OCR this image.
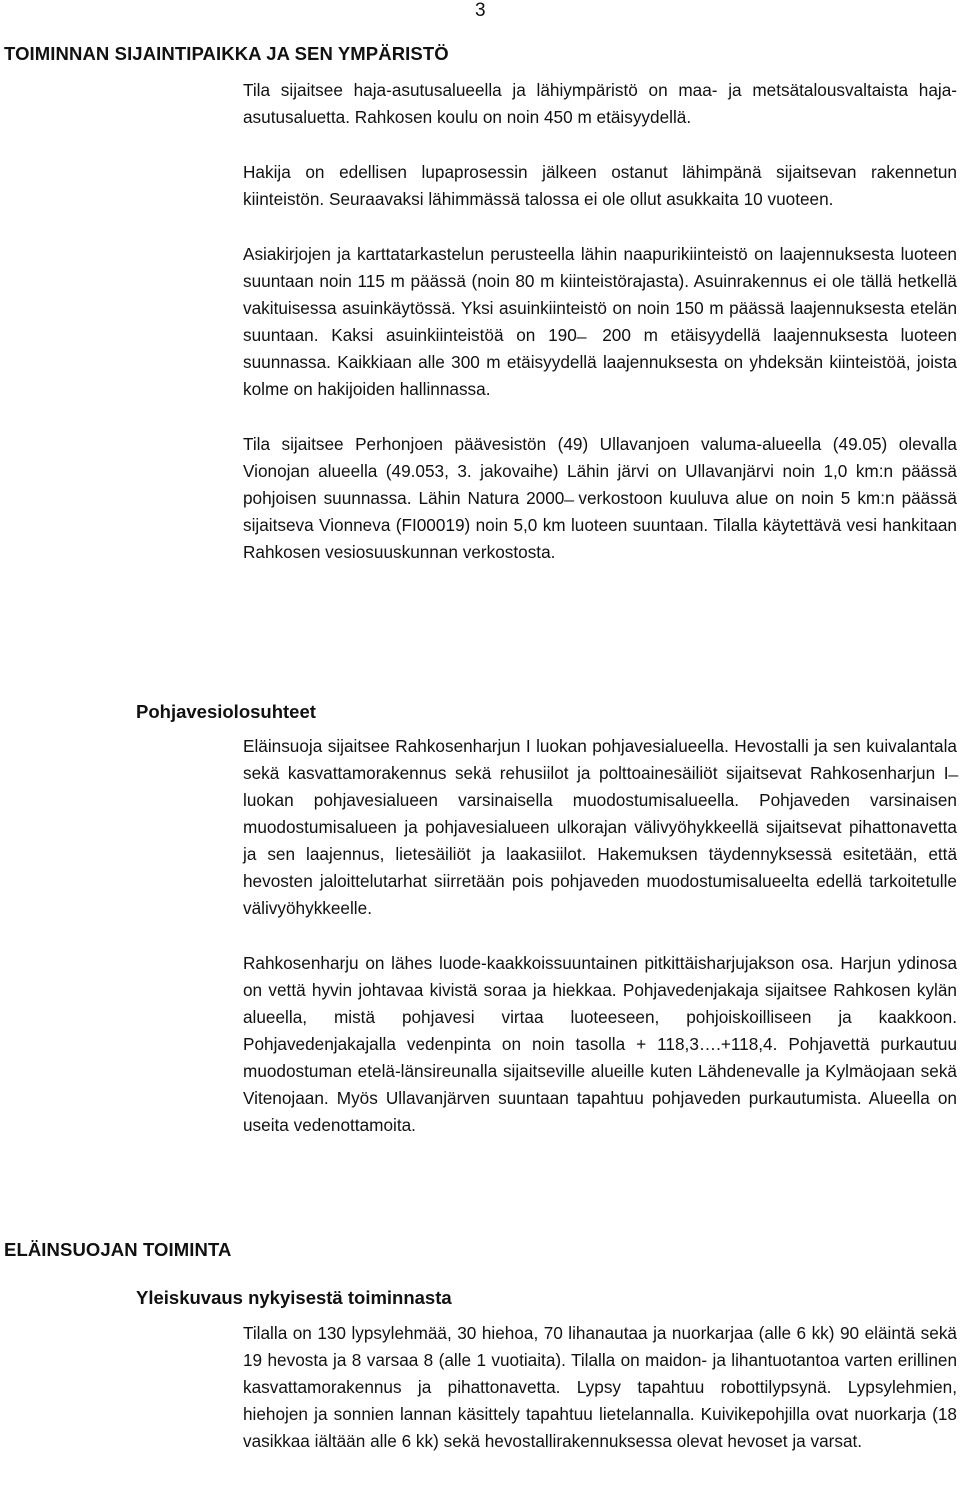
3
TOIMINNAN SIJAINTIPAIKKA JA SEN YMPÄRISTÖ

Tila sijaitsee haja-asutusalueella ja lähiympäristö on maa- ja metsätalousvaltaista haja-asutusaluetta. Rahkosen koulu on noin 450 m etäisyydellä.

Hakija on edellisen lupaprosessin jälkeen ostanut lähimpänä sijaitsevan rakennetun kiinteistön. Seuraavaksi lähimmässä talossa ei ole ollut asukkaita 10 vuoteen.

Asiakirjojen ja karttatarkastelun perusteella lähin naapurikiinteistö on laajennuksesta luoteen suuntaan noin 115 m päässä (noin 80 m kiinteistörajasta). Asuinrakennus ei ole tällä hetkellä vakituisessa asuinkäytössä. Yksi asuinkiinteistö on noin 150 m päässä laajennuksesta etelän suuntaan. Kaksi asuinkiinteistöä on 190 ̶ 200 m etäisyydellä laajennuksesta luoteen suunnassa. Kaikkiaan alle 300 m etäisyydellä laajennuksesta on yhdeksän kiinteistöä, joista kolme on hakijoiden hallinnassa.

Tila sijaitsee Perhonjoen päävesistön (49) Ullavanjoen valuma-alueella (49.05) olevalla Vionojan alueella (49.053, 3. jakovaihe) Lähin järvi on Ullavanjärvi noin 1,0 km:n päässä pohjoisen suunnassa. Lähin Natura 2000 ̶ verkostoon kuuluva alue on noin 5 km:n päässä sijaitseva Vionneva (FI00019) noin 5,0 km luoteen suuntaan. Tilalla käytettävä vesi hankitaan Rahkosen vesiosuuskunnan verkostosta.

Pohjavesiolosuhteet

Eläinsuoja sijaitsee Rahkosenharjun I luokan pohjavesialueella. Hevostalli ja sen kuivalantala sekä kasvattamorakennus sekä rehusiilot ja polttoainesäiliöt sijaitsevat Rahkosenharjun I ̶ luokan pohjavesialueen varsinaisella muodostumisalueella. Pohjaveden varsinaisen muodostumisalueen ja pohjavesialueen ulkorajan välivyöhykkeellä sijaitsevat pihattonavetta ja sen laajennus, lietesäiliöt ja laakasiilot. Hakemuksen täydennyksessä esitetään, että hevosten jaloittelutarhat siirretään pois pohjaveden muodostumisalueelta edellä tarkoitetulle välivyöhykkeelle.

Rahkosenharju on lähes luode-kaakkoissuuntainen pitkittäisharjujakson osa. Harjun ydinosa on vettä hyvin johtavaa kivistä soraa ja hiekkaa. Pohjavedenjakaja sijaitsee Rahkosen kylän alueella, mistä pohjavesi virtaa luoteeseen, pohjoiskoilliseen ja kaakkoon. Pohjavedenjakajalla vedenpinta on noin tasolla + 118,3….+118,4. Pohjavettä purkautuu muodostuman etelä-länsireunalla sijaitseville alueille kuten Lähdenevalle ja Kylmäojaan sekä Vitenojaan. Myös Ullavanjärven suuntaan tapahtuu pohjaveden purkautumista. Alueella on useita vedenottamoita.

ELÄINSUOJAN TOIMINTA
Yleiskuvaus nykyisestä toiminnasta

Tilalla on 130 lypsylehmää, 30 hiehoa, 70 lihanautaa ja nuorkarjaa (alle 6 kk) 90 eläintä sekä 19 hevosta ja 8 varsaa 8 (alle 1 vuotiaita). Tilalla on maidon- ja lihantuotantoa varten erillinen kasvattamorakennus ja pihattonavetta. Lypsy tapahtuu robottilypsynä. Lypsylehmien, hiehojen ja sonnien lannan käsittely tapahtuu lietelannalla. Kuivikepohjilla ovat nuorkarja (18 vasikkaa iältään alle 6 kk) sekä hevostallirakennuksessa olevat hevoset ja varsat.
